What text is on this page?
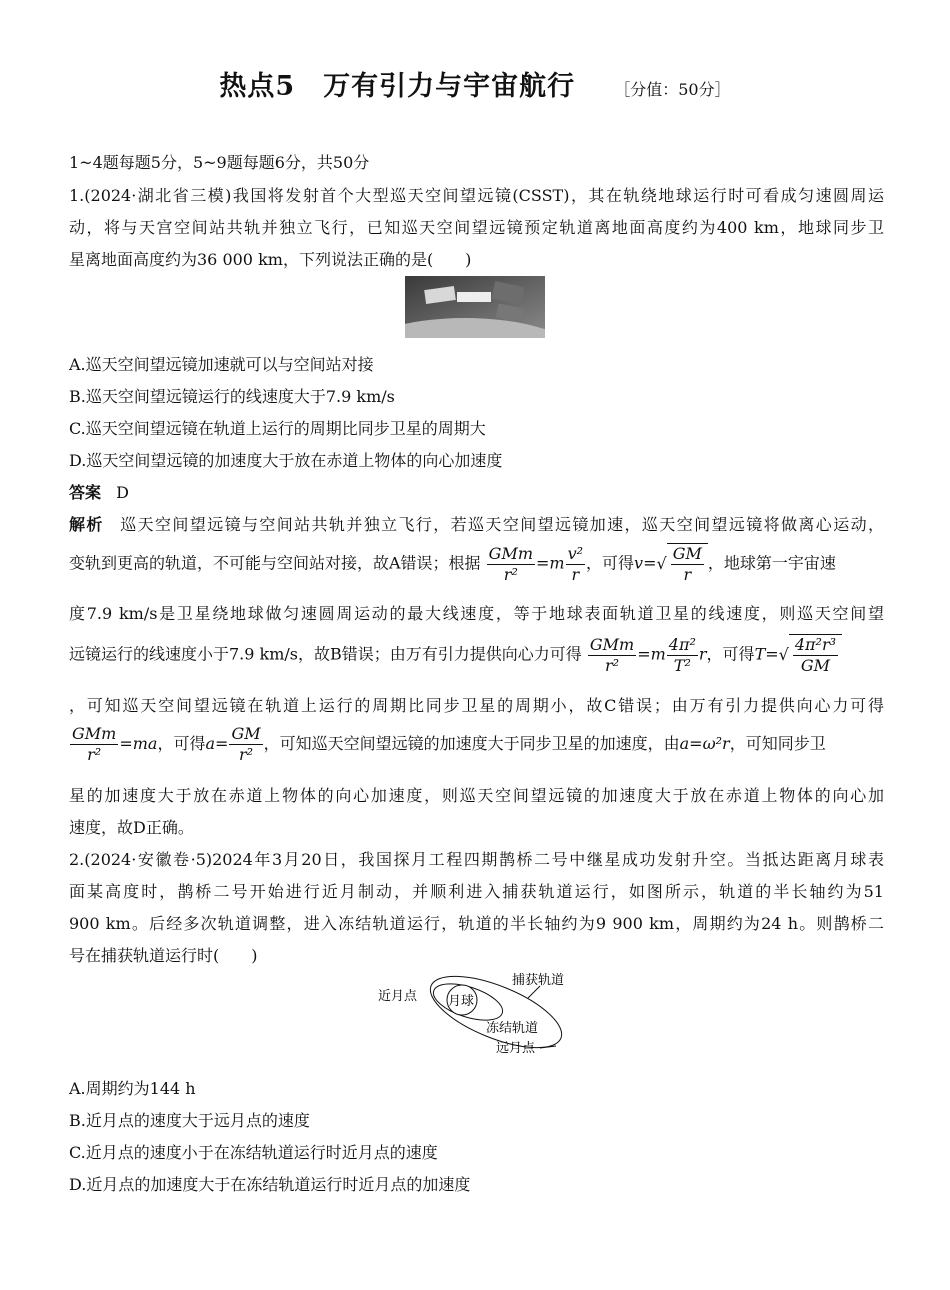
热点5　万有引力与宇宙航行 ［分值：50分］
1~4题每题5分，5~9题每题6分，共50分
1.(2024·湖北省三模)我国将发射首个大型巡天空间望远镜(CSST)，其在轨绕地球运行时可看成匀速圆周运
动，将与天宫空间站共轨并独立飞行，已知巡天空间望远镜预定轨道离地面高度约为400 km，地球同步卫
星离地面高度约为36 000 km，下列说法正确的是(　　)
A.巡天空间望远镜加速就可以与空间站对接
B.巡天空间望远镜运行的线速度大于7.9 km/s
C.巡天空间望远镜在轨道上运行的周期比同步卫星的周期大
D.巡天空间望远镜的加速度大于放在赤道上物体的向心加速度
答案 D
解析 巡天空间望远镜与空间站共轨并独立飞行，若巡天空间望远镜加速，巡天空间望远镜将做离心运动，
变轨到更高的轨道，不可能与空间站对接，故A错误；根据 $\frac{\text{GMm}}{\text{r²}} =m \frac{\text{v²}}{r}$ ，可得$v=√ \frac{GM}{r}$ ，地球第一宇宙速
度7.9 km/s是卫星绕地球做匀速圆周运动的最大线速度，等于地球表面轨道卫星的线速度，则巡天空间望
远镜运行的线速度小于7.9 km/s，故B错误；由万有引力提供向心力可得 $\frac{\text{GMm}}{\text{r²}} =m \frac{\text{4π²}}{\text{T²}}$ r，可得$T=√ \frac{\text{4π²r³}}{GM}$
，可知巡天空间望远镜在轨道上运行的周期比同步卫星的周期小，故C错误；由万有引力提供向心力可得
$\frac{\text{GMm}}{\text{r²}} =ma$，可得$a= \frac{GM}{\text{r²}}$ ，可知巡天空间望远镜的加速度大于同步卫星的加速度，由a=ω²r，可知同步卫
星的加速度大于放在赤道上物体的向心加速度，则巡天空间望远镜的加速度大于放在赤道上物体的向心加
速度，故D正确。
2.(2024·安徽卷·5)2024年3月20日，我国探月工程四期鹊桥二号中继星成功发射升空。当抵达距离月球表
面某高度时，鹊桥二号开始进行近月制动，并顺利进入捕获轨道运行，如图所示，轨道的半长轴约为51
900 km。后经多次轨道调整，进入冻结轨道运行，轨道的半长轴约为9 900 km，周期约为24 h。则鹊桥二
号在捕获轨道运行时(　　)
近月点 月球
捕获轨道
冻结轨道
远月点
A.周期约为144 h
B.近月点的速度大于远月点的速度
C.近月点的速度小于在冻结轨道运行时近月点的速度
D.近月点的加速度大于在冻结轨道运行时近月点的加速度
